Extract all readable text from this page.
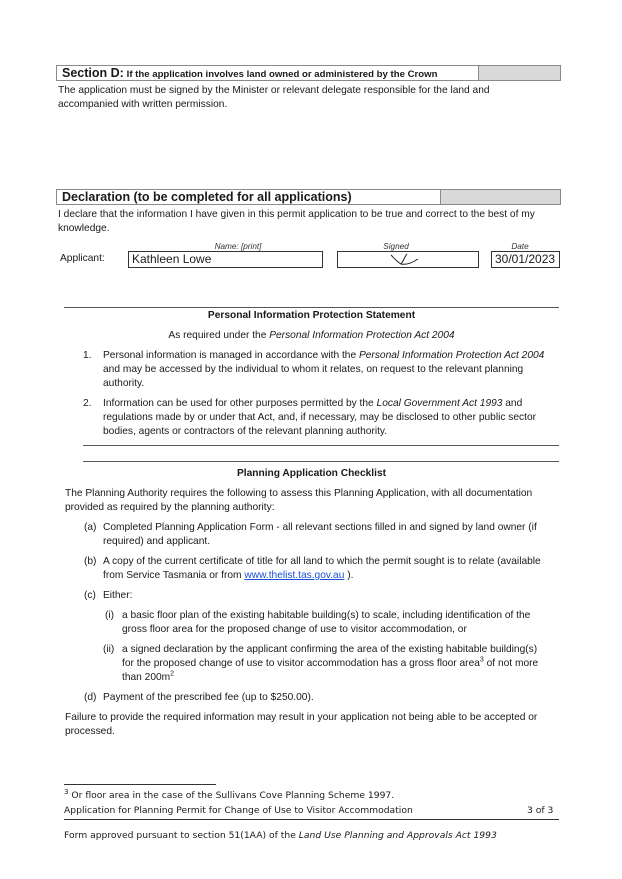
Section D: If the application involves land owned or administered by the Crown
The application must be signed by the Minister or relevant delegate responsible for the land and
accompanied with written permission.
Declaration (to be completed for all applications)
I declare that the information I have given in this permit application to be true and correct to the best of my
knowledge.
Name: [print]	Signed	Date
Applicant:	Kathleen Lowe	30/01/2023
Personal Information Protection Statement
As required under the Personal Information Protection Act 2004
1. Personal information is managed in accordance with the Personal Information Protection Act 2004
and may be accessed by the individual to whom it relates, on request to the relevant planning
authority.
2. Information can be used for other purposes permitted by the Local Government Act 1993 and
regulations made by or under that Act, and, if necessary, may be disclosed to other public sector
bodies, agents or contractors of the relevant planning authority.
Planning Application Checklist
The Planning Authority requires the following to assess this Planning Application, with all documentation
provided as required by the planning authority:
(a) Completed Planning Application Form - all relevant sections filled in and signed by land owner (if
required) and applicant.
(b) A copy of the current certificate of title for all land to which the permit sought is to relate (available
from Service Tasmania or from www.thelist.tas.gov.au ).
(c) Either:
(i) a basic floor plan of the existing habitable building(s) to scale, including identification of the
gross floor area for the proposed change of use to visitor accommodation, or
(ii) a signed declaration by the applicant confirming the area of the existing habitable building(s)
for the proposed change of use to visitor accommodation has a gross floor area$^3$ of not more
than $200m^2$
(d) Payment of the prescribed fee (up to $250.00).
Failure to provide the required information may result in your application not being able to be accepted or
processed.
$^3$ Or floor area in the case of the Sullivans Cove Planning Scheme 1997.
Application for Planning Permit for Change of Use to Visitor Accommodation	3 of 3
Form approved pursuant to section 51(1AA) of the Land Use Planning and Approvals Act 1993
